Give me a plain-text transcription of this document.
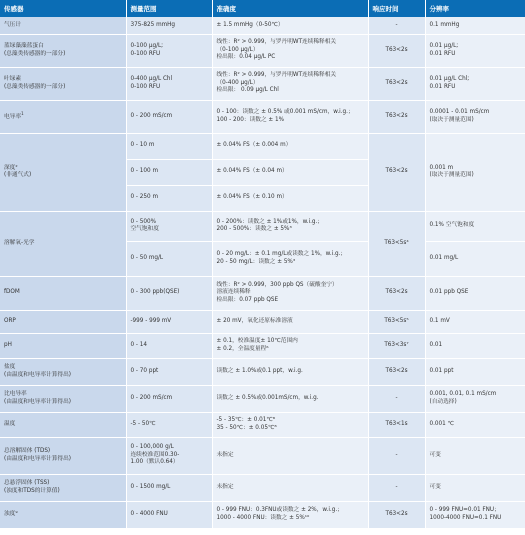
传感器	测量范围	准确度	响应时间	分辨率

气压计	375-825 mmHg	± 1.5 mmHg（0-50℃）	-	0.1 mmHg

蓝绿藻藻蓝蛋白
(总藻类传感器的一部分)	0-100 µg/L;
0-100 RFU	线性：R² > 0.999，与罗丹明WT连续稀释相关
（0-100 µg/L）
检出限：0.04 µg/L PC	T63<2s	0.01 µg/L;
0.01 RFU

叶绿素
(总藻类传感器的一部分)	0-400 µg/L Chl
0-100 RFU	线性：R² > 0.999，与罗丹明WT连续稀释相关
（0-400 µg/L）
检出限： 0.09 µg/L Chl	T63<2s	0.01 µg/L Chl;
0.01 RFU

电导率$^1$	0 - 200 mS/cm	0 - 100：读数之 ± 0.5% 或0.001 mS/cm，w.i.g.；
100 - 200：读数之 ± 1%	T63<2s	0.0001 - 0.01 mS/cm
(取决于测量范围)

深度²
(非通气式)	0 - 10 m	± 0.04% FS（± 0.004 m）	T63<2s	0.001 m
(取决于测量范围)

	0 - 100 m	± 0.04% FS（± 0.04 m）		
	0 - 250 m	± 0.04% FS（± 0.10 m）		

溶解氧-光学	0 - 500%
空气饱和度	0 - 200%：读数之 ± 1%或1%，w.i.g.；
200 - 500%：读数之 ± 5%³	T63<5s⁴	0.1% 空气饱和度

	0 - 50 mg/L	0 - 20 mg/L：± 0.1 mg/L或读数之 1%，w.i.g.；
20 - 50 mg/L：读数之 ± 5%³		0.01 mg/L

fDOM	0 - 300 ppb(QSE)	线性：R² > 0.999，300 ppb QS（硫酸奎宁）
溶液连续稀释
检出限：0.07 ppb QSE	T63<2s	0.01 ppb QSE

ORP	-999 - 999 mV	± 20 mV，氧化还原标准溶液	T63<5s⁵	0.1 mV

pH	0 - 14	± 0.1，校准温度± 10℃范围内
± 0.2，全温度量程⁶	T63<3s⁷	0.01

盐度
(由温度和电导率计算得出)	0 - 70 ppt	读数之 ± 1.0%或0.1 ppt，w.i.g.	T63<2s	0.01 ppt

比电导率
(由温度和电导率计算得出)	0 - 200 mS/cm	读数之 ± 0.5%或0.001mS/cm，w.i.g.	-	0.001, 0.01, 0.1 mS/cm
(自动选择)

温度	-5 - 50℃	-5 - 35℃：± 0.01℃⁸
35 - 50℃：± 0.05℃⁸	T63<1s	0.001 ℃

总溶解固体 (TDS)
(由温度和电导率计算得出)	0 - 100,000 g/L
连续校准范围0.30-
1.00（默认0.64）	未指定	-	可变

总悬浮固体 (TSS)
(浊度和TDS的计算值)	0 - 1500 mg/L	未指定	-	可变

浊度⁹	0 - 4000 FNU	0 - 999 FNU：0.3FNU或读数之 ± 2%，w.i.g.；
1000 - 4000 FNU：读数之 ± 5%¹⁰	T63<2s	0 - 999 FNU=0.01 FNU；
1000-4000 FNU=0.1 FNU
